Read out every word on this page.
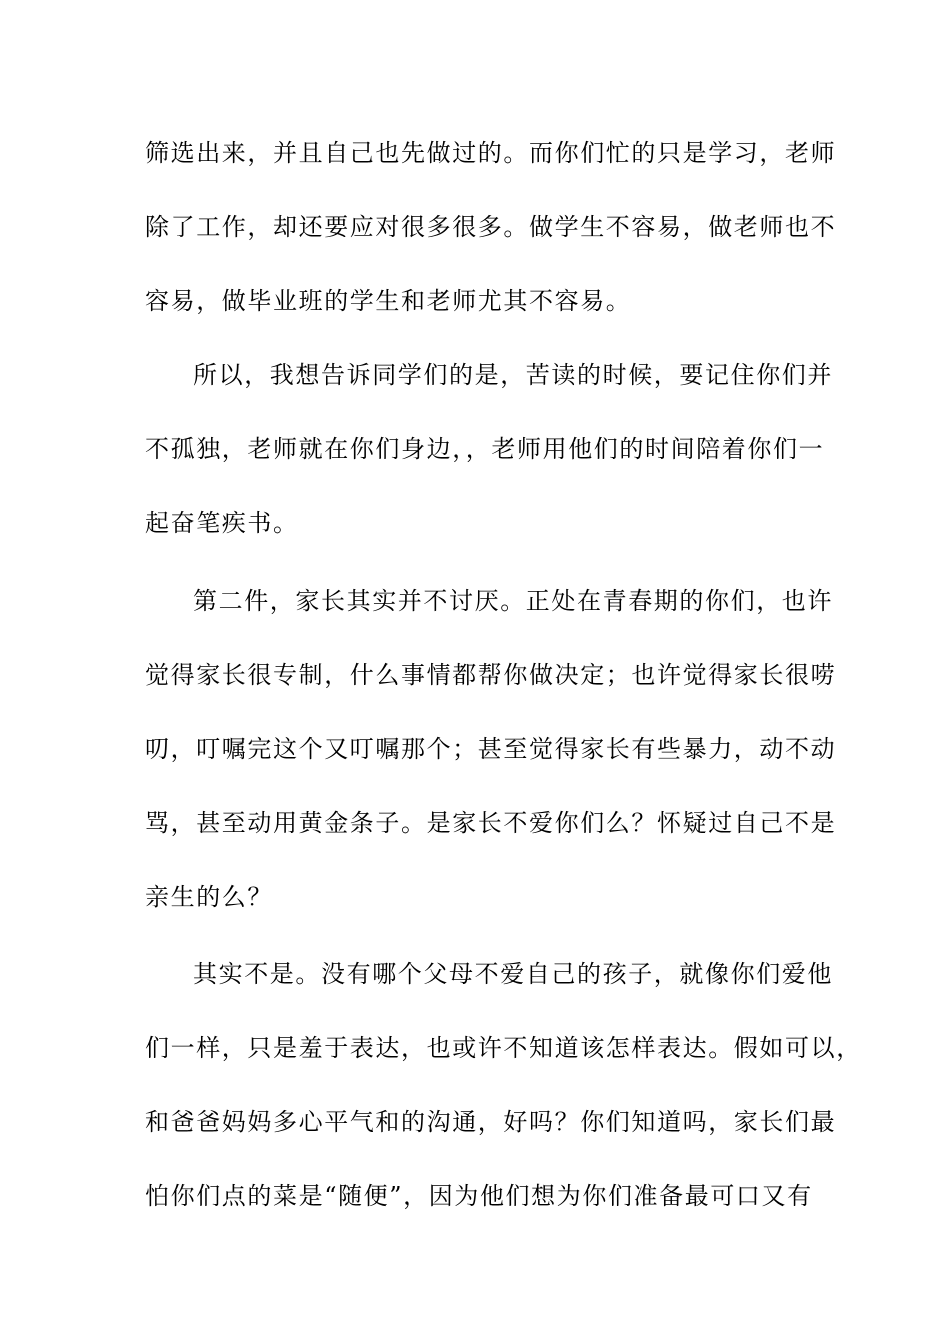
筛选出来，并且自己也先做过的。而你们忙的只是学习，老师
除了工作，却还要应对很多很多。做学生不容易，做老师也不
容易，做毕业班的学生和老师尤其不容易。
所以，我想告诉同学们的是，苦读的时候，要记住你们并
不孤独，老师就在你们身边，，老师用他们的时间陪着你们一
起奋笔疾书。
第二件，家长其实并不讨厌。正处在青春期的你们，也许
觉得家长很专制，什么事情都帮你做决定；也许觉得家长很唠
叨，叮嘱完这个又叮嘱那个；甚至觉得家长有些暴力，动不动
骂，甚至动用黄金条子。是家长不爱你们么？怀疑过自己不是
亲生的么？
其实不是。没有哪个父母不爱自己的孩子，就像你们爱他
们一样，只是羞于表达，也或许不知道该怎样表达。假如可以，
和爸爸妈妈多心平气和的沟通，好吗？你们知道吗，家长们最
怕你们点的菜是“随便”，因为他们想为你们准备最可口又有
